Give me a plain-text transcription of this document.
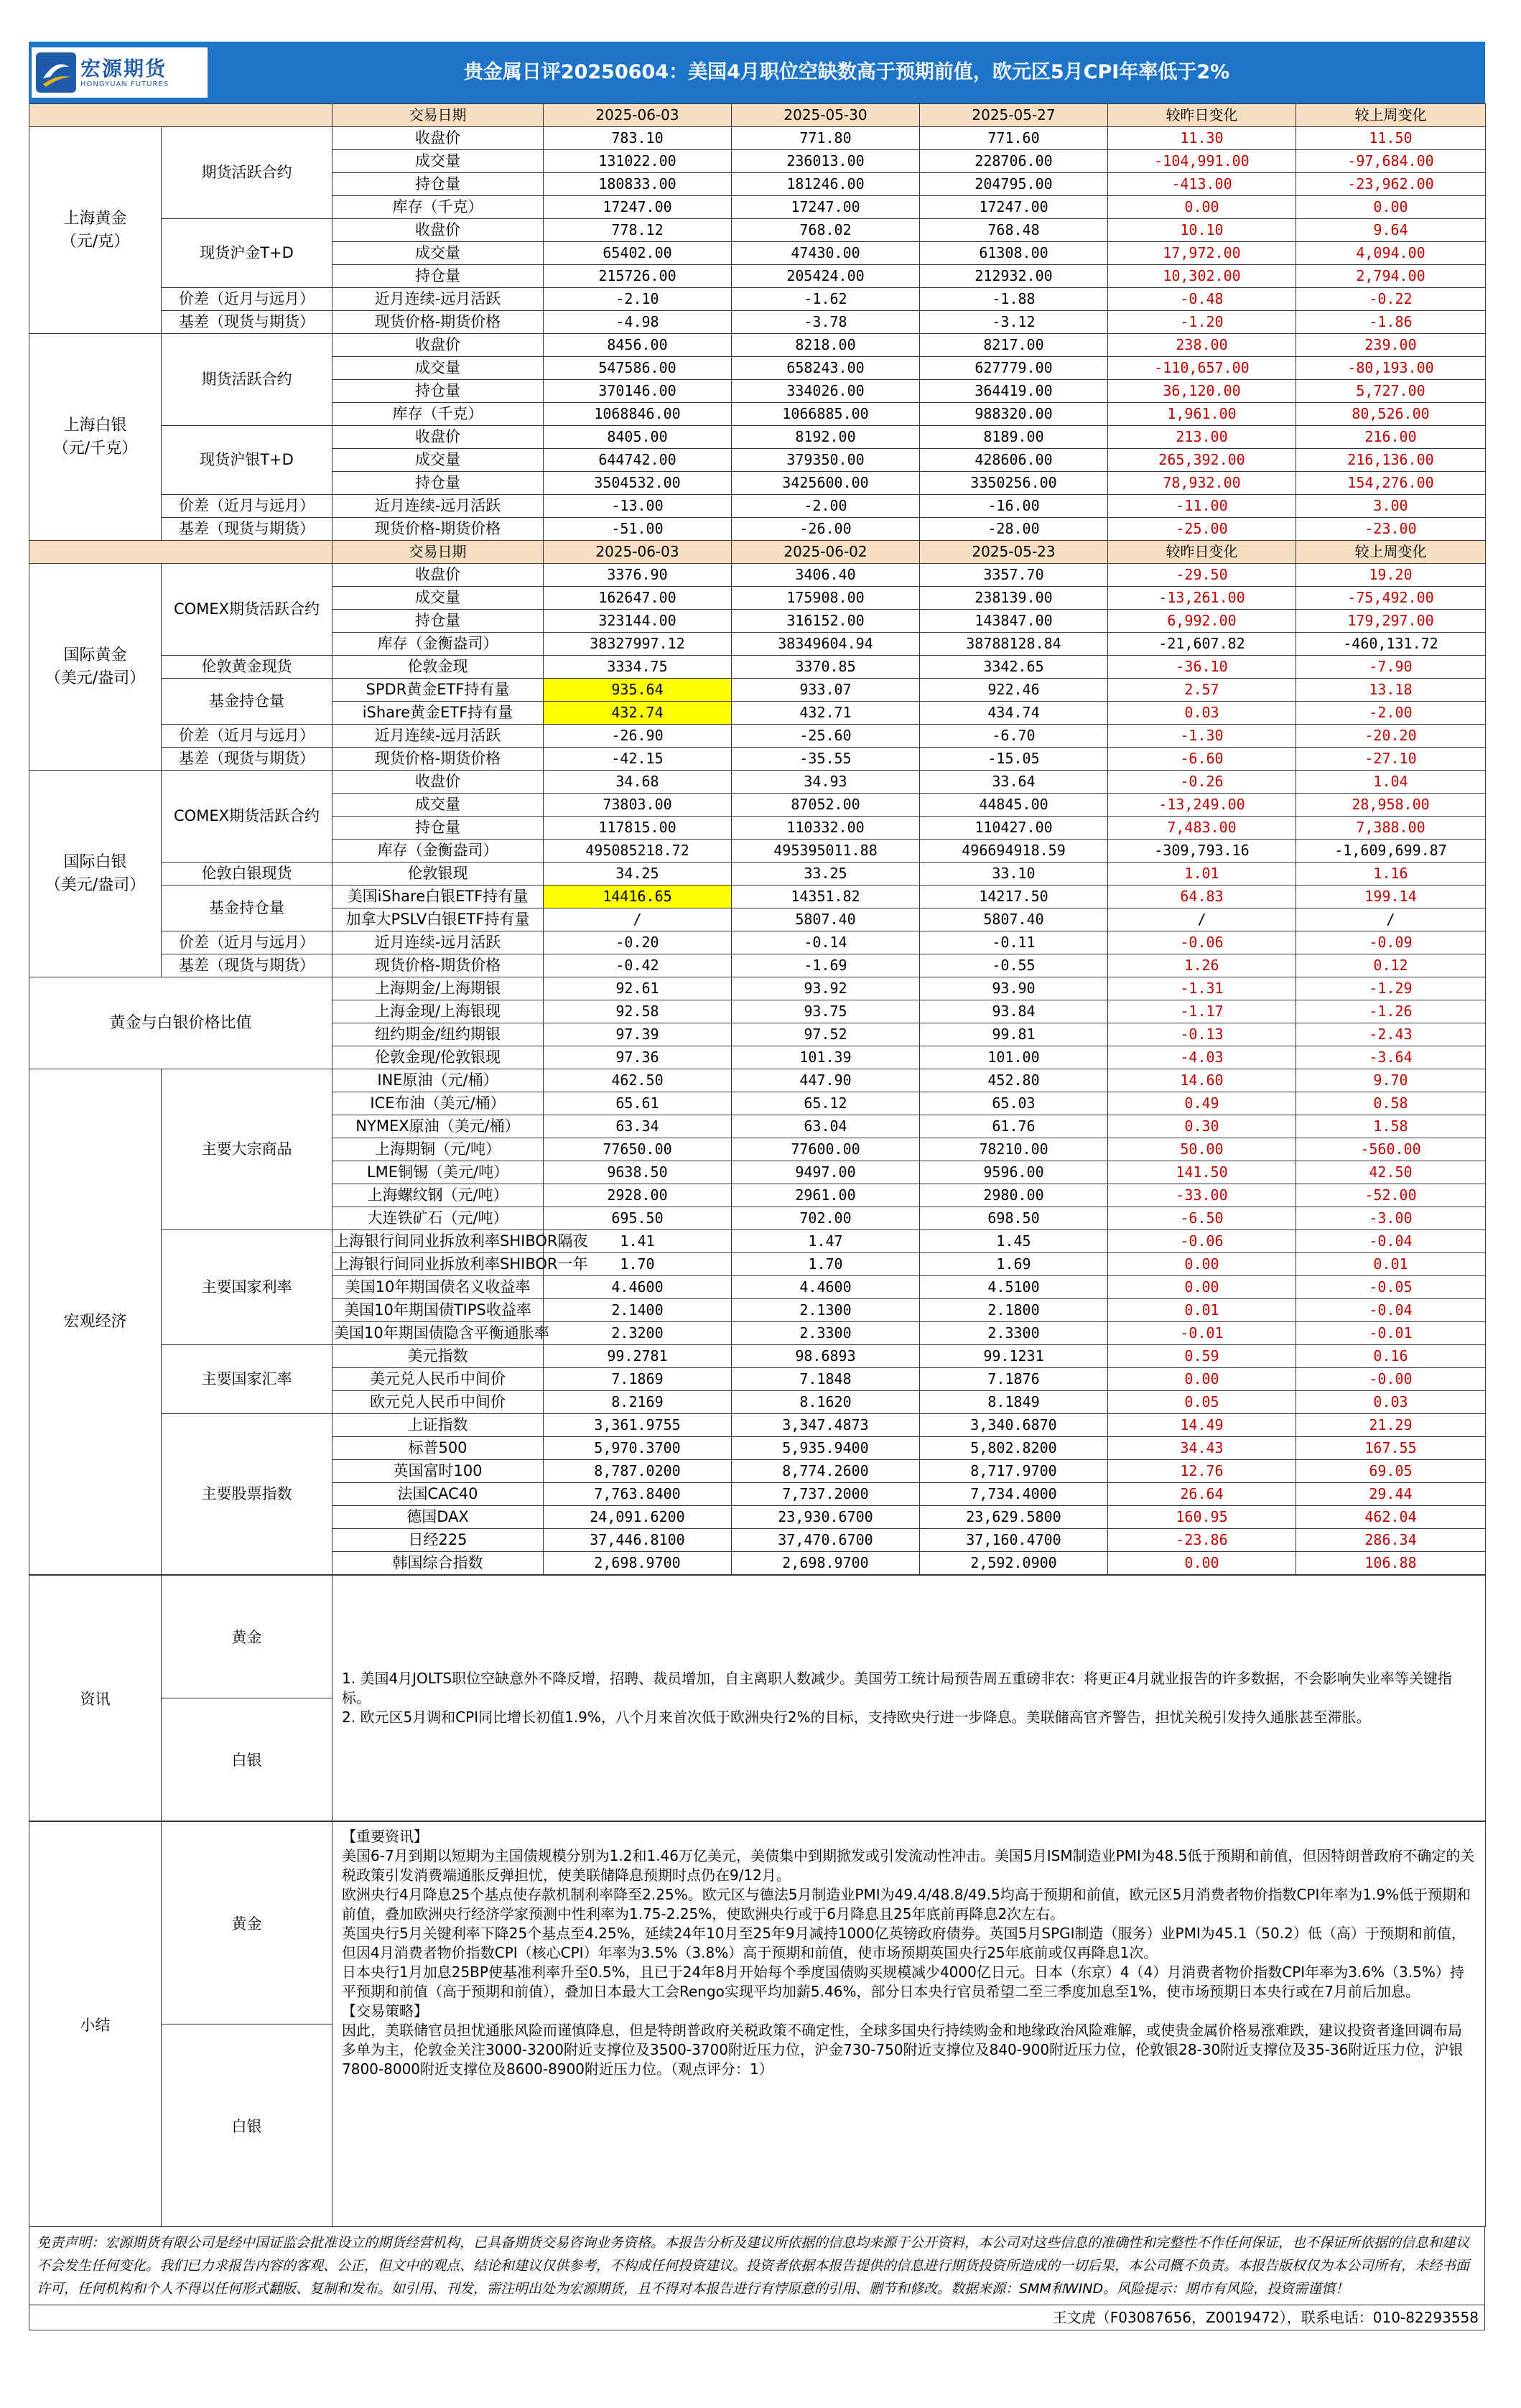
宏源期货
HONGYUAN FUTURES
贵金属日评20250604：美国4月职位空缺数高于预期前值，欧元区5月CPI年率低于2%
		交易日期	2025-06-03	2025-05-30	2025-05-27	较昨日变化	较上周变化
上海黄金
（元/克）	期货活跃合约	收盘价	783.10	771.80	771.60	11.30	11.50
		成交量	131022.00	236013.00	228706.00	-104,991.00	-97,684.00
		持仓量	180833.00	181246.00	204795.00	-413.00	-23,962.00
		库存（千克）	17247.00	17247.00	17247.00	0.00	0.00
	现货沪金T+D	收盘价	778.12	768.02	768.48	10.10	9.64
		成交量	65402.00	47430.00	61308.00	17,972.00	4,094.00
		持仓量	215726.00	205424.00	212932.00	10,302.00	2,794.00
	价差（近月与远月）	近月连续-远月活跃	-2.10	-1.62	-1.88	-0.48	-0.22
	基差（现货与期货）	现货价格-期货价格	-4.98	-3.78	-3.12	-1.20	-1.86
上海白银
（元/千克）	期货活跃合约	收盘价	8456.00	8218.00	8217.00	238.00	239.00
		成交量	547586.00	658243.00	627779.00	-110,657.00	-80,193.00
		持仓量	370146.00	334026.00	364419.00	36,120.00	5,727.00
		库存（千克）	1068846.00	1066885.00	988320.00	1,961.00	80,526.00
	现货沪银T+D	收盘价	8405.00	8192.00	8189.00	213.00	216.00
		成交量	644742.00	379350.00	428606.00	265,392.00	216,136.00
		持仓量	3504532.00	3425600.00	3350256.00	78,932.00	154,276.00
	价差（近月与远月）	近月连续-远月活跃	-13.00	-2.00	-16.00	-11.00	3.00
	基差（现货与期货）	现货价格-期货价格	-51.00	-26.00	-28.00	-25.00	-23.00
		交易日期	2025-06-03	2025-06-02	2025-05-23	较昨日变化	较上周变化
国际黄金
（美元/盎司）	COMEX期货活跃合约	收盘价	3376.90	3406.40	3357.70	-29.50	19.20
		成交量	162647.00	175908.00	238139.00	-13,261.00	-75,492.00
		持仓量	323144.00	316152.00	143847.00	6,992.00	179,297.00
		库存（金衡盎司）	38327997.12	38349604.94	38788128.84	-21,607.82	-460,131.72
	伦敦黄金现货	伦敦金现	3334.75	3370.85	3342.65	-36.10	-7.90
	基金持仓量	SPDR黄金ETF持有量	935.64	933.07	922.46	2.57	13.18
		iShare黄金ETF持有量	432.74	432.71	434.74	0.03	-2.00
	价差（近月与远月）	近月连续-远月活跃	-26.90	-25.60	-6.70	-1.30	-20.20
	基差（现货与期货）	现货价格-期货价格	-42.15	-35.55	-15.05	-6.60	-27.10
国际白银
（美元/盎司）	COMEX期货活跃合约	收盘价	34.68	34.93	33.64	-0.26	1.04
		成交量	73803.00	87052.00	44845.00	-13,249.00	28,958.00
		持仓量	117815.00	110332.00	110427.00	7,483.00	7,388.00
		库存（金衡盎司）	495085218.72	495395011.88	496694918.59	-309,793.16	-1,609,699.87
	伦敦白银现货	伦敦银现	34.25	33.25	33.10	1.01	1.16
	基金持仓量	美国iShare白银ETF持有量	14416.65	14351.82	14217.50	64.83	199.14
		加拿大PSLV白银ETF持有量	/	5807.40	5807.40	/	/
	价差（近月与远月）	近月连续-远月活跃	-0.20	-0.14	-0.11	-0.06	-0.09
	基差（现货与期货）	现货价格-期货价格	-0.42	-1.69	-0.55	1.26	0.12
黄金与白银价格比值		上海期金/上海期银	92.61	93.92	93.90	-1.31	-1.29
		上海金现/上海银现	92.58	93.75	93.84	-1.17	-1.26
		纽约期金/纽约期银	97.39	97.52	99.81	-0.13	-2.43
		伦敦金现/伦敦银现	97.36	101.39	101.00	-4.03	-3.64
宏观经济	主要大宗商品	INE原油（元/桶）	462.50	447.90	452.80	14.60	9.70
		ICE布油（美元/桶）	65.61	65.12	65.03	0.49	0.58
		NYMEX原油（美元/桶）	63.34	63.04	61.76	0.30	1.58
		上海期铜（元/吨）	77650.00	77600.00	78210.00	50.00	-560.00
		LME铜锡（美元/吨）	9638.50	9497.00	9596.00	141.50	42.50
		上海螺纹钢（元/吨）	2928.00	2961.00	2980.00	-33.00	-52.00
		大连铁矿石（元/吨）	695.50	702.00	698.50	-6.50	-3.00
	主要国家利率	上海银行间同业拆放利率SHIBOR隔夜	1.41	1.47	1.45	-0.06	-0.04
		上海银行间同业拆放利率SHIBOR一年	1.70	1.70	1.69	0.00	0.01
		美国10年期国债名义收益率	4.4600	4.4600	4.5100	0.00	-0.05
		美国10年期国债TIPS收益率	2.1400	2.1300	2.1800	0.01	-0.04
		美国10年期国债隐含平衡通胀率	2.3200	2.3300	2.3300	-0.01	-0.01
	主要国家汇率	美元指数	99.2781	98.6893	99.1231	0.59	0.16
		美元兑人民币中间价	7.1869	7.1848	7.1876	0.00	-0.00
		欧元兑人民币中间价	8.2169	8.1620	8.1849	0.05	0.03
	主要股票指数	上证指数	3,361.9755	3,347.4873	3,340.6870	14.49	21.29
		标普500	5,970.3700	5,935.9400	5,802.8200	34.43	167.55
		英国富时100	8,787.0200	8,774.2600	8,717.9700	12.76	69.05
		法国CAC40	7,763.8400	7,737.2000	7,734.4000	26.64	29.44
		德国DAX	24,091.6200	23,930.6700	23,629.5800	160.95	462.04
		日经225	37,446.8100	37,470.6700	37,160.4700	-23.86	286.34
		韩国综合指数	2,698.9700	2,698.9700	2,592.0900	0.00	106.88
资讯	黄金	

1. 美国4月JOLTS职位空缺意外不降反增，招聘、裁员增加，自主离职人数减少。美国劳工统计局预告周五重磅非农：将更正4月就业报告的许多数据，不会影响失业率等关键指标。

2. 欧元区5月调和CPI同比增长初值1.9%，八个月来首次低于欧洲央行2%的目标，支持欧央行进一步降息。美联储高官齐警告，担忧关税引发持久通胀甚至滞胀。

白银
小结	黄金	

【重要资讯】

美国6-7月到期以短期为主国债规模分别为1.2和1.46万亿美元，美债集中到期掀发或引发流动性冲击。美国5月ISM制造业PMI为48.5低于预期和前值，但因特朗普政府不确定的关税政策引发消费端通胀反弹担忧，使美联储降息预期时点仍在9/12月。

欧洲央行4月降息25个基点使存款机制利率降至2.25%。欧元区与德法5月制造业PMI为49.4/48.8/49.5均高于预期和前值，欧元区5月消费者物价指数CPI年率为1.9%低于预期和前值，叠加欧洲央行经济学家预测中性利率为1.75-2.25%，使欧洲央行或于6月降息且25年底前再降息2次左右。

英国央行5月关键利率下降25个基点至4.25%，延续24年10月至25年9月减持1000亿英镑政府债券。英国5月SPGI制造（服务）业PMI为45.1（50.2）低（高）于预期和前值，但因4月消费者物价指数CPI（核心CPI）年率为3.5%（3.8%）高于预期和前值，使市场预期英国央行25年底前或仅再降息1次。

日本央行1月加息25BP使基准利率升至0.5%，且已于24年8月开始每个季度国债购买规模减少4000亿日元。日本（东京）4（4）月消费者物价指数CPI年率为3.6%（3.5%）持平预期和前值（高于预期和前值），叠加日本最大工会Rengo实现平均加薪5.46%，部分日本央行官员希望二至三季度加息至1%，使市场预期日本央行或在7月前后加息。

【交易策略】

因此，美联储官员担忧通胀风险而谨慎降息，但是特朗普政府关税政策不确定性，全球多国央行持续购金和地缘政治风险难解，或使贵金属价格易涨难跌，建议投资者逢回调布局多单为主，伦敦金关注3000-3200附近支撑位及3500-3700附近压力位，沪金730-750附近支撑位及840-900附近压力位，伦敦银28-30附近支撑位及35-36附近压力位，沪银7800-8000附近支撑位及8600-8900附近压力位。（观点评分：1）

白银
免责声明：宏源期货有限公司是经中国证监会批准设立的期货经营机构，已具备期货交易咨询业务资格。本报告分析及建议所依据的信息均来源于公开资料，本公司对这些信息的准确性和完整性不作任何保证，也不保证所依据的信息和建议不会发生任何变化。我们已力求报告内容的客观、公正，但文中的观点、结论和建议仅供参考，不构成任何投资建议。投资者依据本报告提供的信息进行期货投资所造成的一切后果，本公司概不负责。本报告版权仅为本公司所有，未经书面许可，任何机构和个人不得以任何形式翻版、复制和发布。如引用、刊发，需注明出处为宏源期货，且不得对本报告进行有悖原意的引用、删节和修改。数据来源：SMM和WIND。风险提示：期市有风险，投资需谨慎！
王文虎（F03087656，Z0019472），联系电话：010-82293558
